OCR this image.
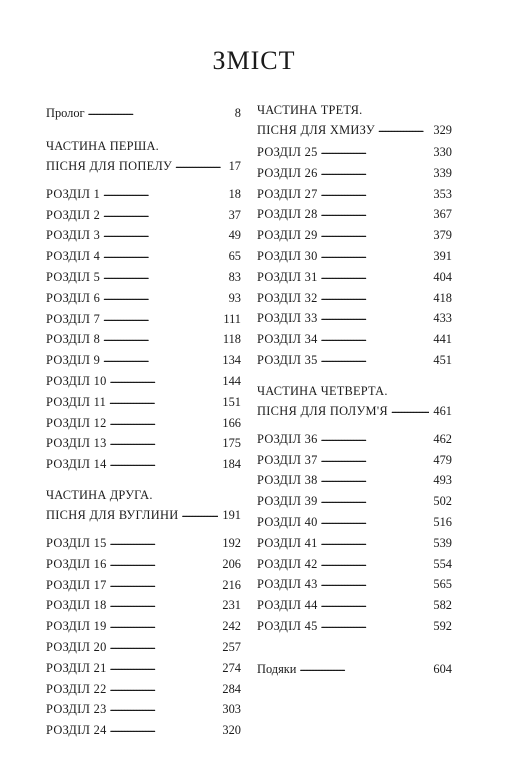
ЗМІСТ
Пролог . . .	8
ЧАСТИНА ПЕРША.
ПІСНЯ ДЛЯ ПОПЕЛУ . . .	17
РОЗДІЛ 1 . . .	18
РОЗДІЛ 2 . . .	37
РОЗДІЛ 3 . . .	49
РОЗДІЛ 4 . . .	65
РОЗДІЛ 5 . . .	83
РОЗДІЛ 6 . . .	93
РОЗДІЛ 7 . . .	111
РОЗДІЛ 8 . . .	118
РОЗДІЛ 9 . . .	134
РОЗДІЛ 10 . . .	144
РОЗДІЛ 11 . . .	151
РОЗДІЛ 12 . . .	166
РОЗДІЛ 13 . . .	175
РОЗДІЛ 14 . . .	184
ЧАСТИНА ДРУГА.
ПІСНЯ ДЛЯ ВУГЛИНИ . . .	191
РОЗДІЛ 15 . . .	192
РОЗДІЛ 16 . . .	206
РОЗДІЛ 17 . . .	216
РОЗДІЛ 18 . . .	231
РОЗДІЛ 19 . . .	242
РОЗДІЛ 20 . . .	257
РОЗДІЛ 21 . . .	274
РОЗДІЛ 22 . . .	284
РОЗДІЛ 23 . . .	303
РОЗДІЛ 24 . . .	320
ЧАСТИНА ТРЕТЯ.
ПІСНЯ ДЛЯ ХМИЗУ . . .	329
РОЗДІЛ 25 . . .	330
РОЗДІЛ 26 . . .	339
РОЗДІЛ 27 . . .	353
РОЗДІЛ 28 . . .	367
РОЗДІЛ 29 . . .	379
РОЗДІЛ 30 . . .	391
РОЗДІЛ 31 . . .	404
РОЗДІЛ 32 . . .	418
РОЗДІЛ 33 . . .	433
РОЗДІЛ 34 . . .	441
РОЗДІЛ 35 . . .	451
ЧАСТИНА ЧЕТВЕРТА.
ПІСНЯ ДЛЯ ПОЛУМ'Я . . .	461
РОЗДІЛ 36 . . .	462
РОЗДІЛ 37 . . .	479
РОЗДІЛ 38 . . .	493
РОЗДІЛ 39 . . .	502
РОЗДІЛ 40 . . .	516
РОЗДІЛ 41 . . .	539
РОЗДІЛ 42 . . .	554
РОЗДІЛ 43 . . .	565
РОЗДІЛ 44 . . .	582
РОЗДІЛ 45 . . .	592
Подяки . . .	604
